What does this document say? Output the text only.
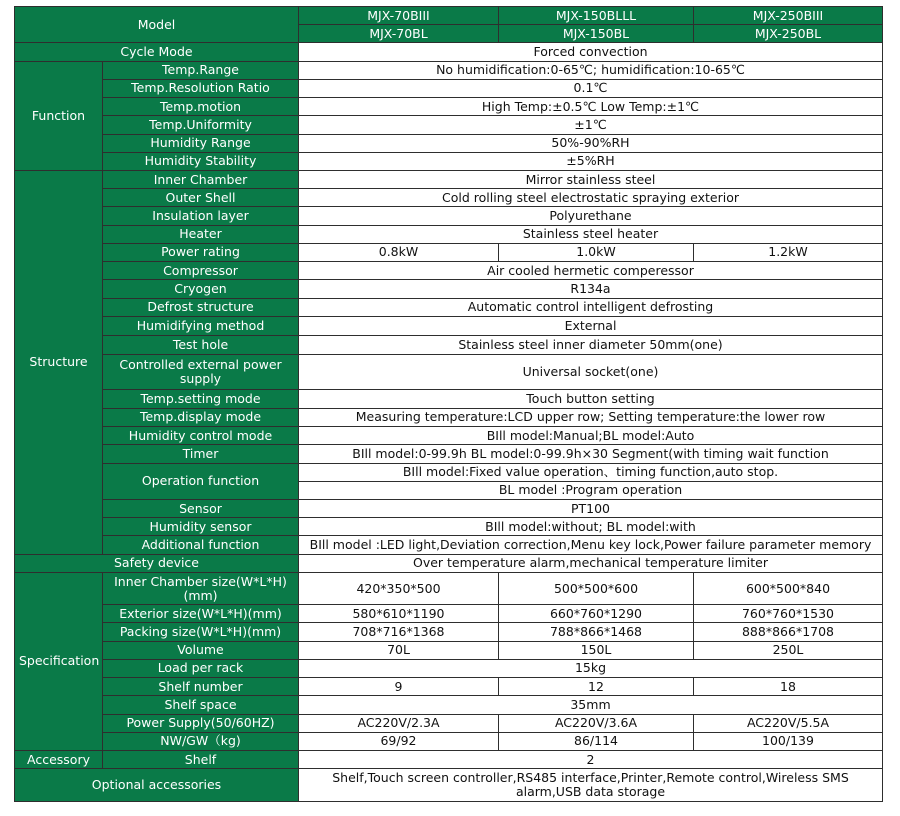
Model		MJX-70BIII	MJX-150BLLL	MJX-250BIII
		MJX-70BL	MJX-150BL	MJX-250BL
Cycle Mode		Forced convection		
Function	Temp.Range	No humidification:0-65℃; humidification:10-65℃		
	Temp.Resolution Ratio	0.1℃		
	Temp.motion	High Temp:±0.5℃ Low Temp:±1℃		
	Temp.Uniformity	±1℃		
	Humidity Range	50%-90%RH		
	Humidity Stability	±5%RH		
Structure	Inner Chamber	Mirror stainless steel		
	Outer Shell	Cold rolling steel electrostatic spraying exterior		
	Insulation layer	Polyurethane		
	Heater	Stainless steel heater		
	Power rating	0.8kW	1.0kW	1.2kW
	Compressor	Air cooled hermetic comperessor		
	Cryogen	R134a		
	Defrost structure	Automatic control intelligent defrosting		
	Humidifying method	External		
	Test hole	Stainless steel inner diameter 50mm(one)		
	Controlled external power supply	Universal socket(one)		
	Temp.setting mode	Touch button setting		
	Temp.display mode	Measuring temperature:LCD upper row; Setting temperature:the lower row		
	Humidity control mode	BIll model:Manual;BL model:Auto		
	Timer	BIll model:0-99.9h BL model:0-99.9h×30 Segment(with timing wait function		
	Operation function	BIll model:Fixed value operation、timing function,auto stop.		
		BL model :Program operation		
	Sensor	PT100		
	Humidity sensor	BIll model:without; BL model:with		
	Additional function	BIll model :LED light,Deviation correction,Menu key lock,Power failure parameter memory		
Safety device		Over temperature alarm,mechanical temperature limiter		
Specification	Inner Chamber size(W*L*H)(mm)	420*350*500	500*500*600	600*500*840
	Exterior size(W*L*H)(mm)	580*610*1190	660*760*1290	760*760*1530
	Packing size(W*L*H)(mm)	708*716*1368	788*866*1468	888*866*1708
	Volume	70L	150L	250L
	Load per rack	15kg		
	Shelf number	9	12	18
	Shelf space	35mm		
	Power Supply(50/60HZ)	AC220V/2.3A	AC220V/3.6A	AC220V/5.5A
	NW/GW（kg)	69/92	86/114	100/139
Accessory	Shelf	2		
Optional accessories		Shelf,Touch screen controller,RS485 interface,Printer,Remote control,Wireless SMS alarm,USB data storage		
